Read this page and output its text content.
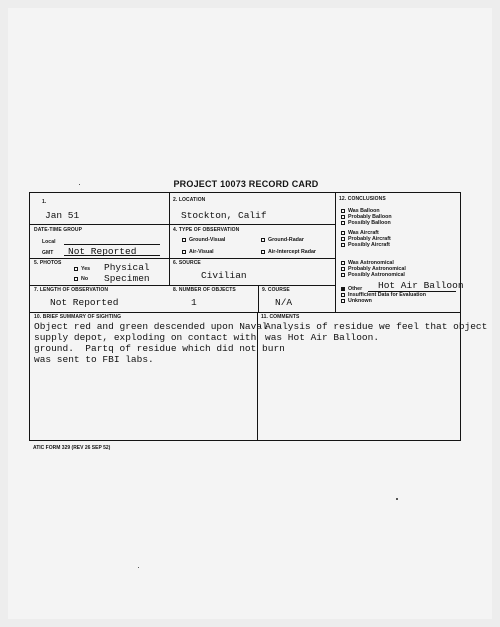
PROJECT 10073 RECORD CARD
1.
Jan 51
2. LOCATION
Stockton, Calif
DATE-TIME GROUP
Local
GMT Not Reported
4. TYPE OF OBSERVATION
Ground-Visual	Ground-Radar
Air-Visual	Air-Intercept Radar
5. PHOTOS
Yes
No
Physical
Specimen
6. SOURCE
Civilian
7. LENGTH OF OBSERVATION
Not Reported
8. NUMBER OF OBJECTS
1
9. COURSE
N/A
12. CONCLUSIONS
Was Balloon
Probably Balloon
Possibly Balloon
Was Aircraft
Probably Aircraft
Possibly Aircraft
Was Astronomical
Probably Astronomical
Possibly Astronomical
Other Hot Air Balloon
Insufficient Data for Evaluation
Unknown
10. BRIEF SUMMARY OF SIGHTING
Object red and green descended upon Naval
supply depot, exploding on contact with
ground.  Partq of residue which did not burn
was sent to FBI labs.
11. COMMENTS
Analysis of residue we feel that object
was Hot Air Balloon.
ATIC FORM 329 (REV 26 SEP 52)
